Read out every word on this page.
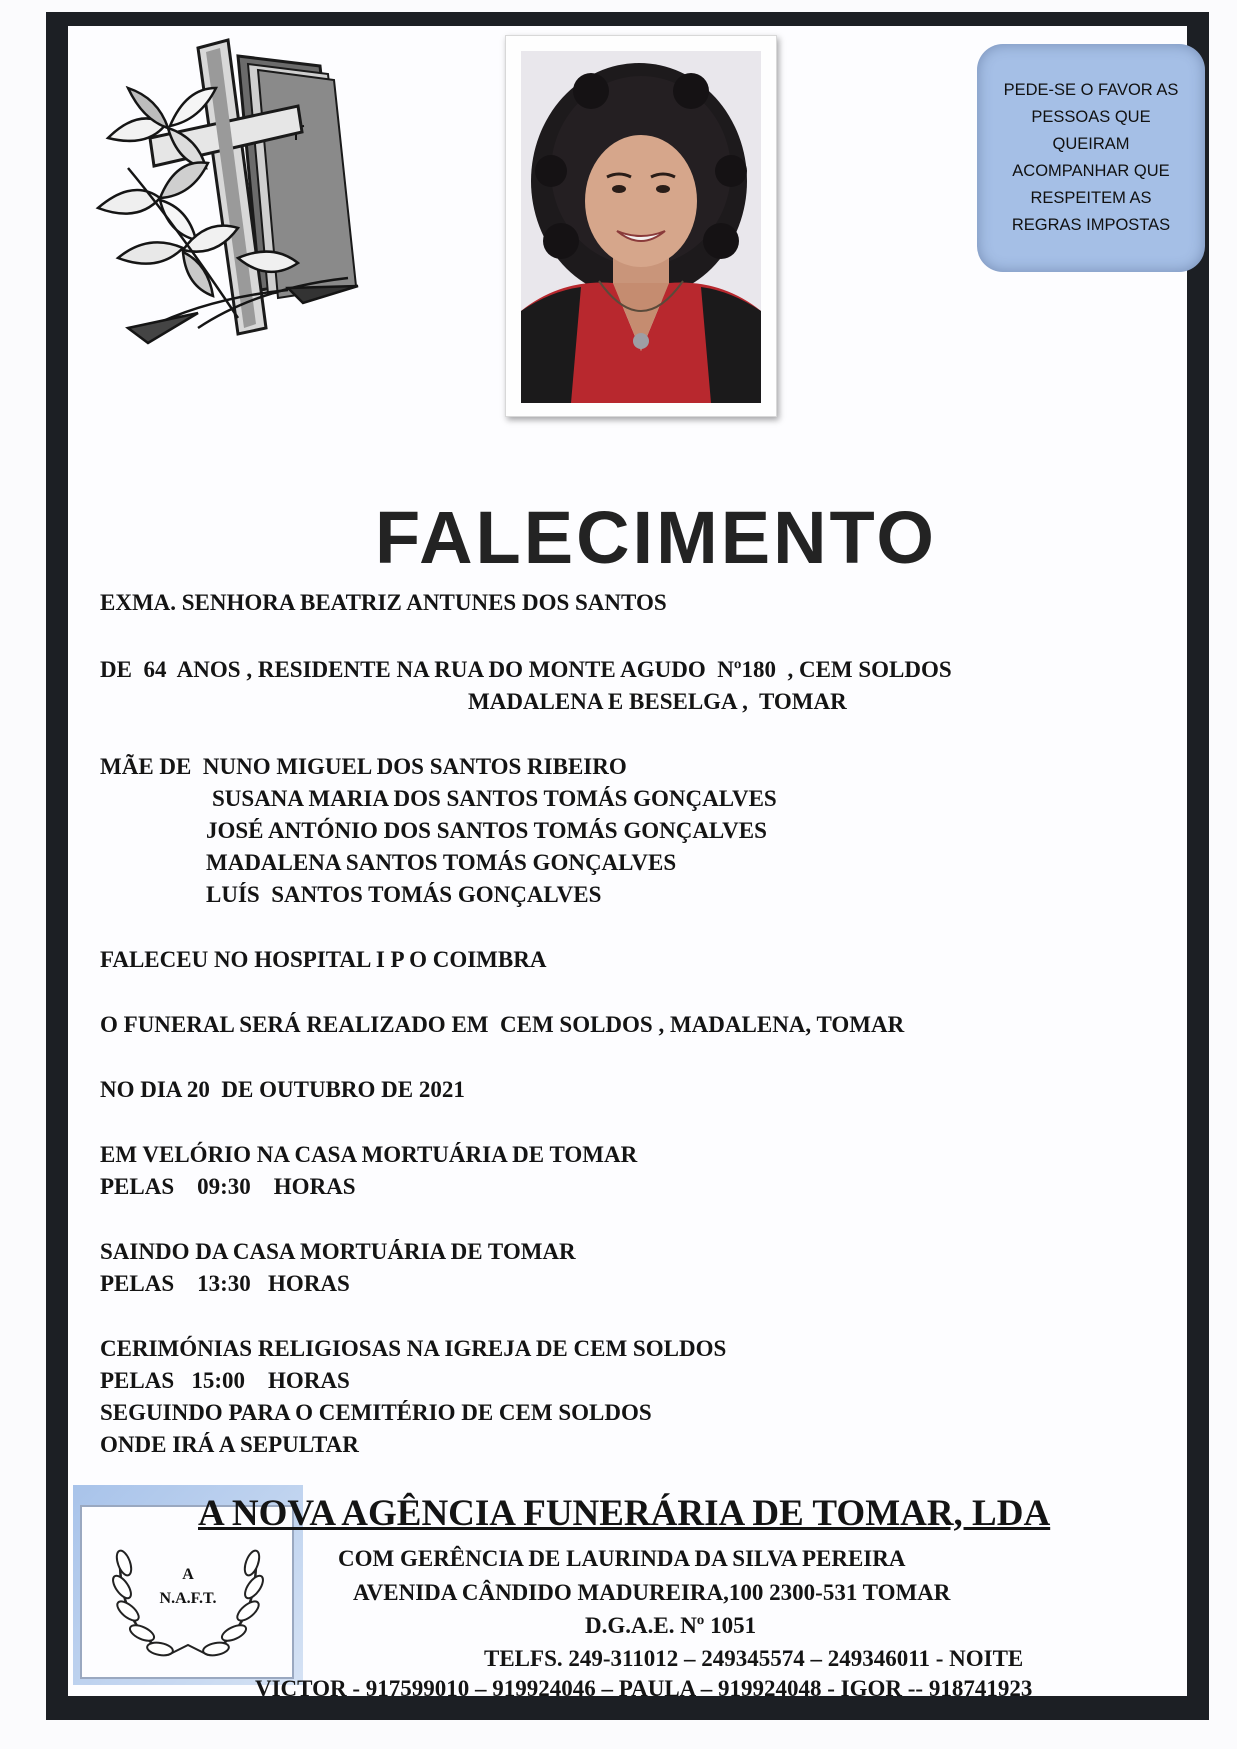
PEDE-SE O FAVOR AS
PESSOAS QUE
QUEIRAM
ACOMPANHAR QUE
RESPEITEM AS
REGRAS IMPOSTAS
FALECIMENTO
EXMA. SENHORA BEATRIZ ANTUNES DOS SANTOS
DE  64  ANOS , RESIDENTE NA RUA DO MONTE AGUDO  Nº180  , CEM SOLDOS
MADALENA E BESELGA ,  TOMAR
MÃE DE  NUNO MIGUEL DOS SANTOS RIBEIRO
SUSANA MARIA DOS SANTOS TOMÁS GONÇALVES
JOSÉ ANTÓNIO DOS SANTOS TOMÁS GONÇALVES
MADALENA SANTOS TOMÁS GONÇALVES
LUÍS  SANTOS TOMÁS GONÇALVES
FALECEU NO HOSPITAL I P O COIMBRA
O FUNERAL SERÁ REALIZADO EM  CEM SOLDOS , MADALENA, TOMAR
NO DIA 20  DE OUTUBRO DE 2021
EM VELÓRIO NA CASA MORTUÁRIA DE TOMAR
PELAS    09:30    HORAS
SAINDO DA CASA MORTUÁRIA DE TOMAR
PELAS    13:30   HORAS
CERIMÓNIAS RELIGIOSAS NA IGREJA DE CEM SOLDOS
PELAS   15:00    HORAS
SEGUINDO PARA O CEMITÉRIO DE CEM SOLDOS
ONDE IRÁ A SEPULTAR
A
N.A.F.T.
A NOVA AGÊNCIA FUNERÁRIA DE TOMAR, LDA
COM GERÊNCIA DE LAURINDA DA SILVA PEREIRA
AVENIDA CÂNDIDO MADUREIRA,100 2300-531 TOMAR
D.G.A.E. Nº 1051
TELFS. 249-311012 – 249345574 – 249346011 - NOITE
VICTOR - 917599010 – 919924046 – PAULA – 919924048 - IGOR -- 918741923
